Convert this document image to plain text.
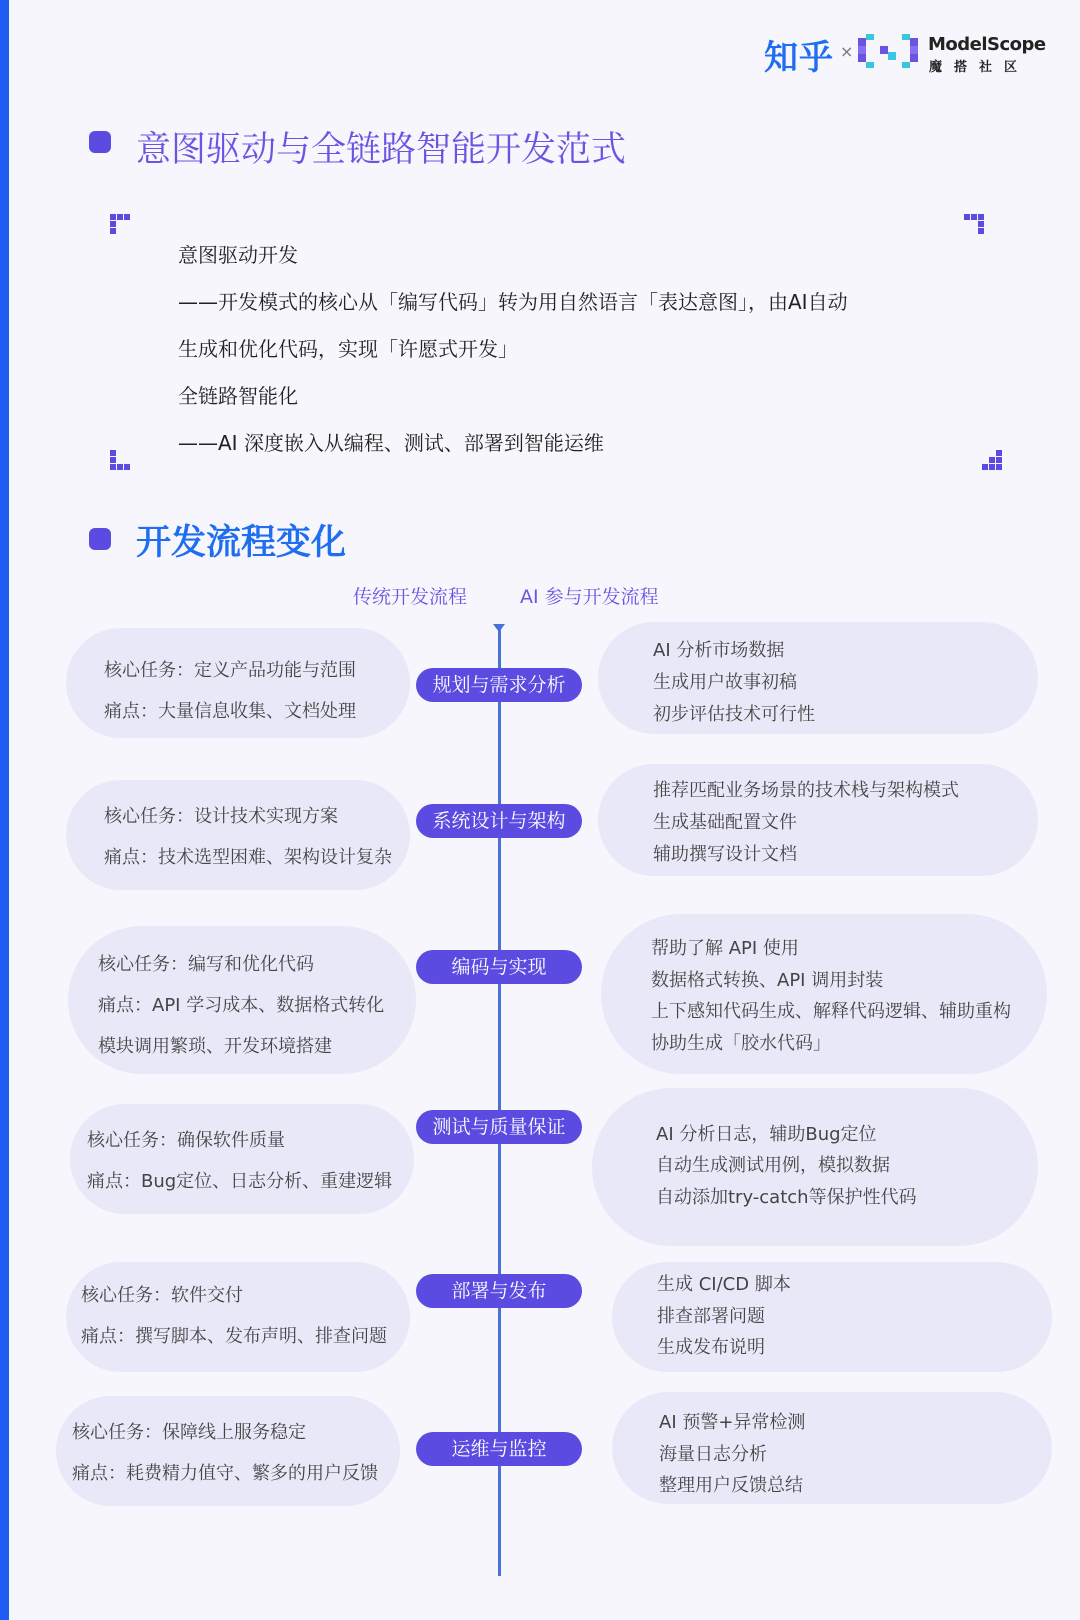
知乎 ×	ModelScope
魔搭社区
意图驱动与全链路智能开发范式
意图驱动开发
——开发模式的核心从「编写代码」转为用自然语言「表达意图」，由AI自动
生成和优化代码，实现「许愿式开发」
全链路智能化
——AI 深度嵌入从编程、测试、部署到智能运维
开发流程变化
传统开发流程	AI 参与开发流程
核心任务：定义产品功能与范围
痛点：大量信息收集、文档处理
规划与需求分析
AI 分析市场数据
生成用户故事初稿
初步评估技术可行性
核心任务：设计技术实现方案
痛点：技术选型困难、架构设计复杂
系统设计与架构
推荐匹配业务场景的技术栈与架构模式
生成基础配置文件
辅助撰写设计文档
核心任务：编写和优化代码
痛点：API 学习成本、数据格式转化
模块调用繁琐、开发环境搭建
编码与实现
帮助了解 API 使用
数据格式转换、API 调用封装
上下感知代码生成、解释代码逻辑、辅助重构
协助生成「胶水代码」
核心任务：确保软件质量
痛点：Bug定位、日志分析、重建逻辑
测试与质量保证	AI 分析日志，辅助Bug定位
自动生成测试用例，模拟数据
自动添加try-catch等保护性代码
核心任务：软件交付
痛点：撰写脚本、发布声明、排查问题
部署与发布	生成 CI/CD 脚本
排查部署问题
生成发布说明
核心任务：保障线上服务稳定
痛点：耗费精力值守、繁多的用户反馈
运维与监控
AI 预警+异常检测
海量日志分析
整理用户反馈总结
